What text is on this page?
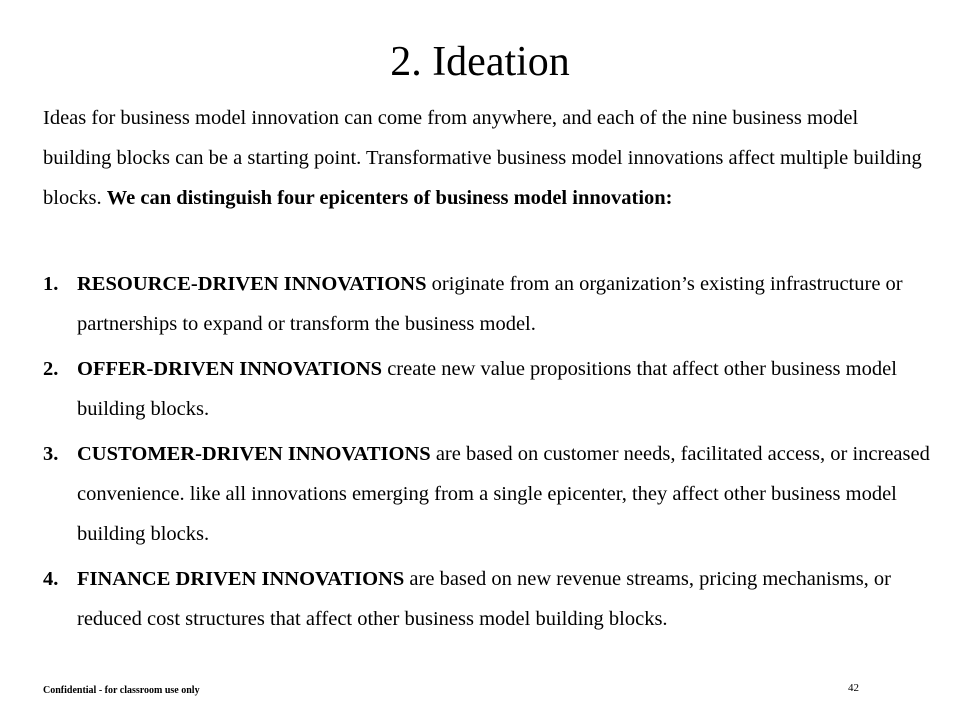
2. Ideation
Ideas for business model innovation can come from anywhere, and each of the nine business model building blocks can be a starting point. Transformative business model innovations affect multiple building blocks. We can distinguish four epicenters of business model innovation:
1. RESOURCE-DRIVEN INNOVATIONS originate from an organization’s existing infrastructure or partnerships to expand or transform the business model.
2. OFFER-DRIVEN INNOVATIONS create new value propositions that affect other business model building blocks.
3. CUSTOMER-DRIVEN INNOVATIONS are based on customer needs, facilitated access, or increased convenience. like all innovations emerging from a single epicenter, they affect other business model building blocks.
4. FINANCE DRIVEN INNOVATIONS are based on new revenue streams, pricing mechanisms, or reduced cost structures that affect other business model building blocks.
Confidential - for classroom use only	42
